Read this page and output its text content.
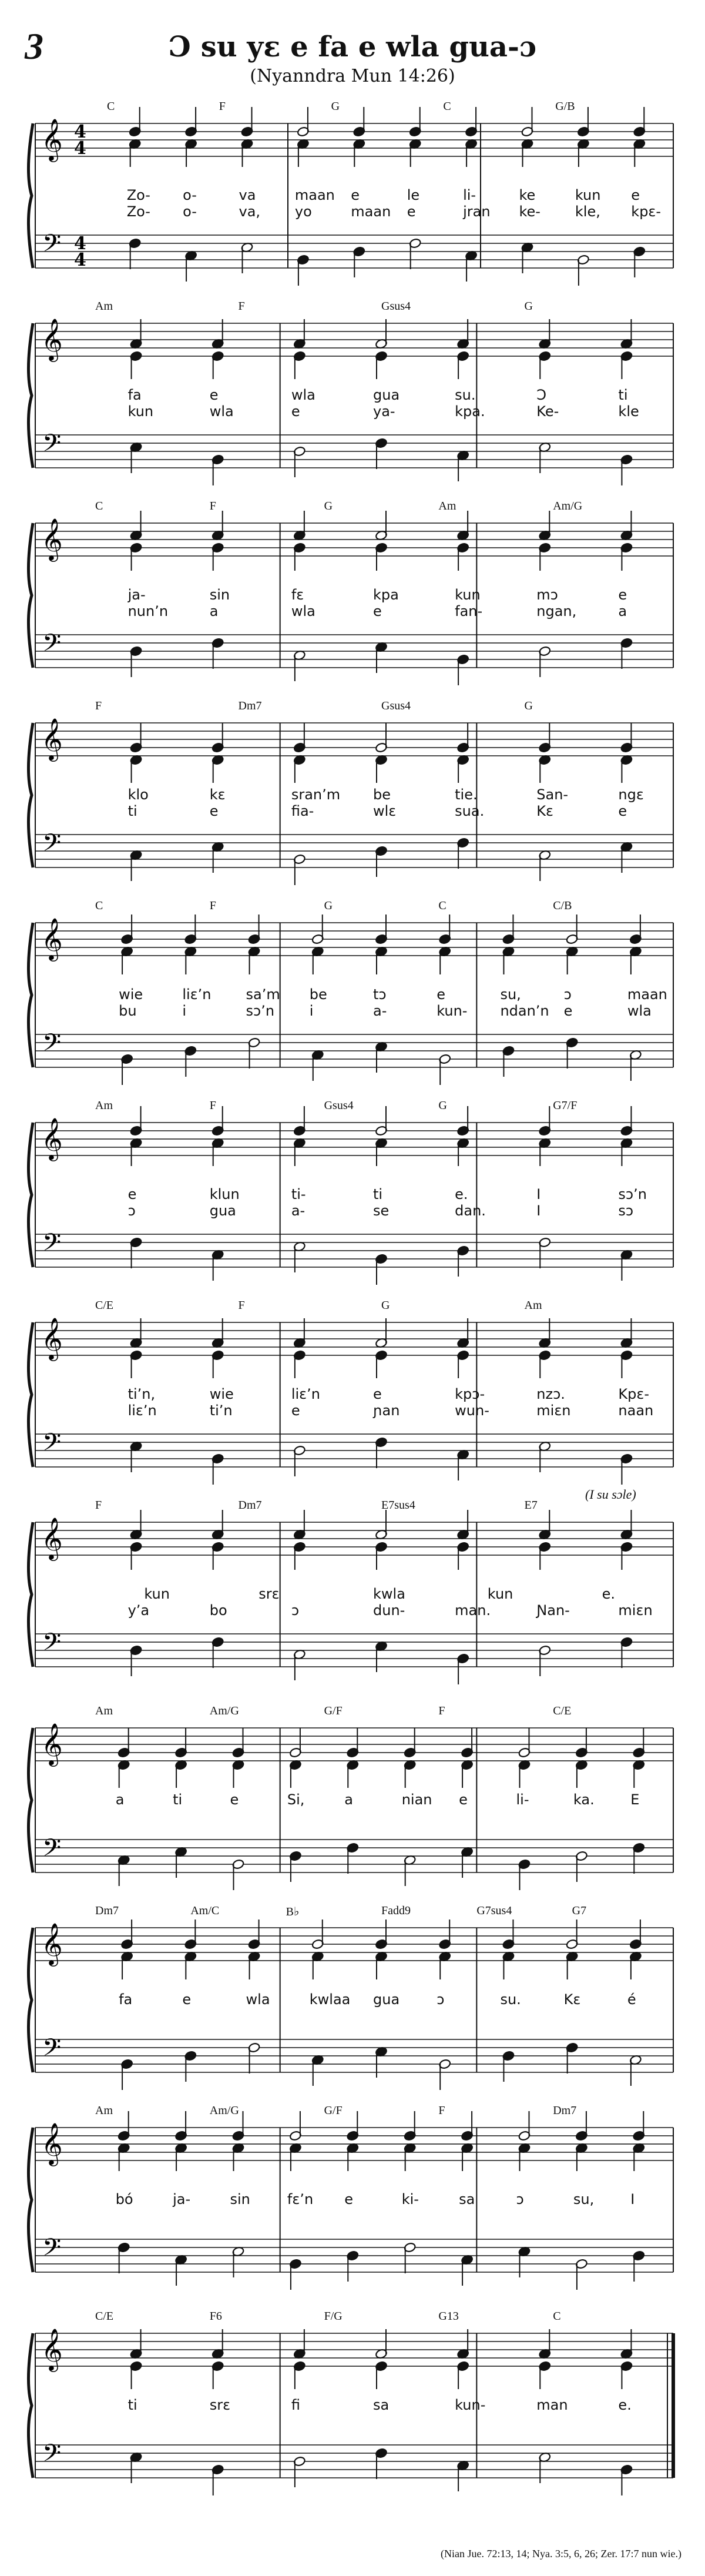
3	Ɔ su yɛ e fa e wla gua-ɔ
(Nyanndra Mun 14:26)
𝄞
𝄢
4
4
4
4
C	F	G	C	G/B
Zo- o-	va	maan e	le	li-	ke	kun e
Zo- o-	va, yo	maan e	jran ke- kle, kpɛ-
𝄞
𝄢
Am	F	Gsus4	G
fa	e	wla	gua	su.	Ɔ	ti
kun	wla	e	ya-	kpa.	Ke-	kle
𝄞
𝄢
C	F	G	Am	Am/G
ja-	sin	fɛ	kpa	kun	mɔ	e
nun’n	a	wla	e	fan-	ngan,	a
𝄞
𝄢
F	Dm7	Gsus4	G
klo	kɛ	sran’m be	tie.	San-	ngɛ
ti	e	fia-	wlɛ	sua.	Kɛ	e
𝄞
𝄢
C	F	G	C	C/B
wie	liɛ’n sa’m be	tɔ	e	su,	ɔ	maan
bu	i	sɔ’n i	a-	kun- ndan’n e	wla
𝄞
𝄢
Am	F	Gsus4	G	G7/F
e	klun	ti-	ti	e.	I	sɔ’n
ɔ	gua	a-	se	dan.	I	sɔ
𝄞
𝄢
C/E	F	G	Am
ti’n,	wie	liɛ’n	e	kpɔ-	nzɔ.	Kpɛ-
liɛ’n	ti’n	e	ɲan	wun-	miɛn	naan
𝄞
𝄢
F	Dm7	E7sus4	E7
(I su sɔle)
kun	srɛ	kwla	kun	e.
y’a	bo	ɔ	dun-	man.	Ɲan-	miɛn
𝄞
𝄢
Am	Am/G	G/F	F	C/E
a	ti	e	Si,	a	nian e	li-	ka.	E
𝄞
𝄢
Dm7	Am/C	B♭	Fadd9	G7sus4	G7
fa	e	wla	kwlaa gua	ɔ	su.	Kɛ	é
𝄞
𝄢
Am	Am/G	G/F	F	Dm7
bó	ja-	sin	fɛ’n e	ki-	sa	ɔ	su,	I
𝄞
𝄢
C/E	F6	F/G	G13	C
ti	srɛ	fi	sa	kun-	man	e.
(Nian Jue. 72:13, 14; Nya. 3:5, 6, 26; Zer. 17:7 nun wie.)
